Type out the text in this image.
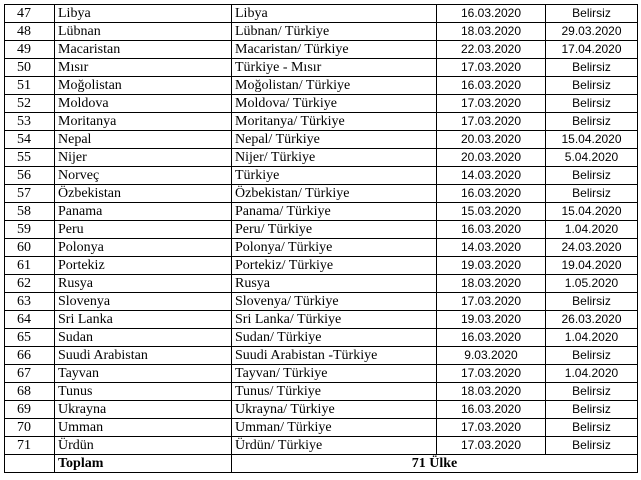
47	Libya	Libya	16.03.2020	Belirsiz
48	Lübnan	Lübnan/ Türkiye	18.03.2020	29.03.2020
49	Macaristan	Macaristan/ Türkiye	22.03.2020	17.04.2020
50	Mısır	Türkiye - Mısır	17.03.2020	Belirsiz
51	Moğolistan	Moğolistan/ Türkiye	16.03.2020	Belirsiz
52	Moldova	Moldova/ Türkiye	17.03.2020	Belirsiz
53	Moritanya	Moritanya/ Türkiye	17.03.2020	Belirsiz
54	Nepal	Nepal/ Türkiye	20.03.2020	15.04.2020
55	Nijer	Nijer/ Türkiye	20.03.2020	5.04.2020
56	Norveç	Türkiye	14.03.2020	Belirsiz
57	Özbekistan	Özbekistan/ Türkiye	16.03.2020	Belirsiz
58	Panama	Panama/ Türkiye	15.03.2020	15.04.2020
59	Peru	Peru/ Türkiye	16.03.2020	1.04.2020
60	Polonya	Polonya/ Türkiye	14.03.2020	24.03.2020
61	Portekiz	Portekiz/ Türkiye	19.03.2020	19.04.2020
62	Rusya	Rusya	18.03.2020	1.05.2020
63	Slovenya	Slovenya/ Türkiye	17.03.2020	Belirsiz
64	Sri Lanka	Sri Lanka/ Türkiye	19.03.2020	26.03.2020
65	Sudan	Sudan/ Türkiye	16.03.2020	1.04.2020
66	Suudi Arabistan	Suudi Arabistan -Türkiye	9.03.2020	Belirsiz
67	Tayvan	Tayvan/ Türkiye	17.03.2020	1.04.2020
68	Tunus	Tunus/ Türkiye	18.03.2020	Belirsiz
69	Ukrayna	Ukrayna/ Türkiye	16.03.2020	Belirsiz
70	Umman	Umman/ Türkiye	17.03.2020	Belirsiz
71	Ürdün	Ürdün/ Türkiye	17.03.2020	Belirsiz
	Toplam	71 Ülke		
